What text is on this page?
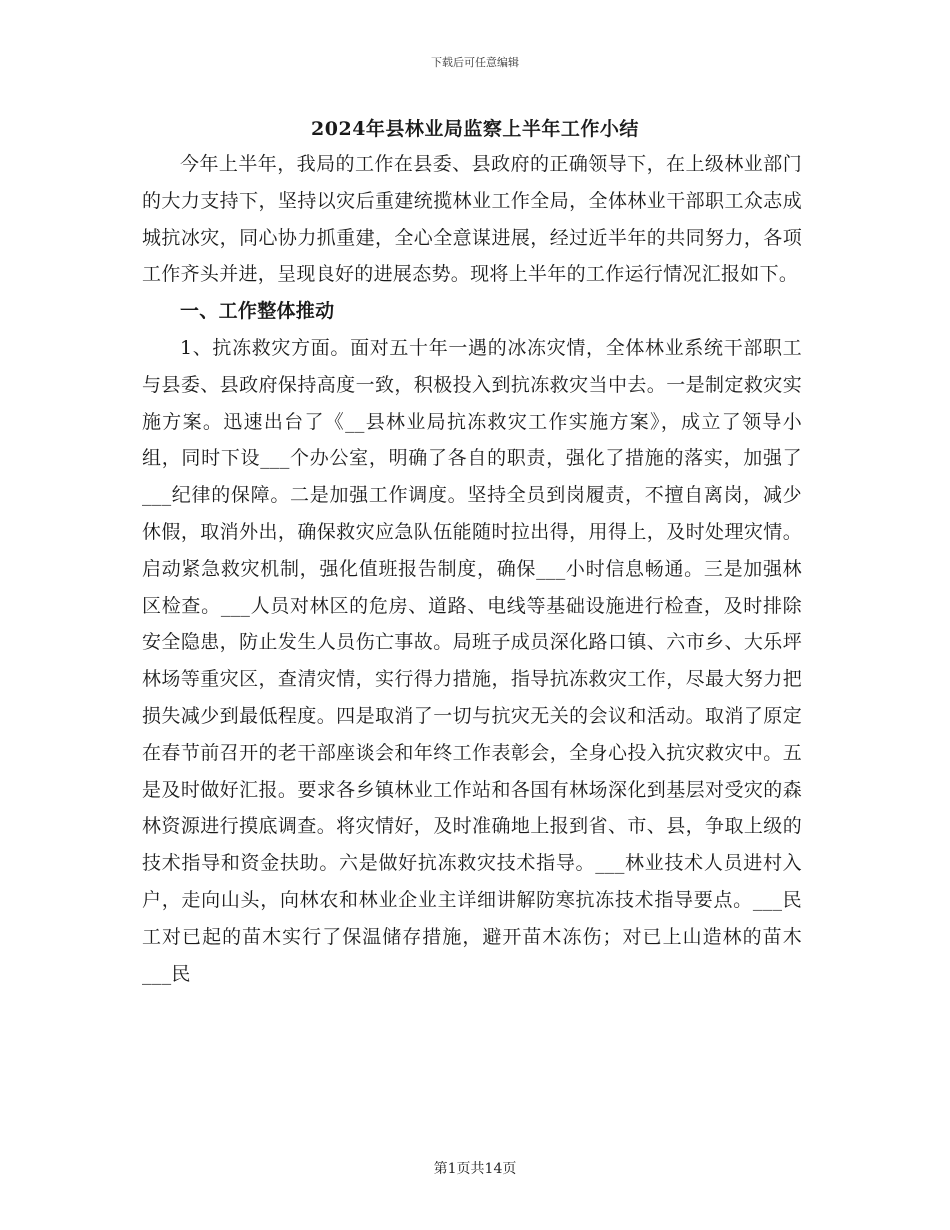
下载后可任意编辑
2024年县林业局监察上半年工作小结

今年上半年，我局的工作在县委、县政府的正确领导下，在上级林业部门的大力支持下，坚持以灾后重建统揽林业工作全局，全体林业干部职工众志成城抗冰灾，同心协力抓重建，全心全意谋进展，经过近半年的共同努力，各项工作齐头并进，呈现良好的进展态势。现将上半年的工作运行情况汇报如下。

一、工作整体推动

1、抗冻救灾方面。面对五十年一遇的冰冻灾情，全体林业系统干部职工与县委、县政府保持高度一致，积极投入到抗冻救灾当中去。一是制定救灾实施方案。迅速出台了《__县林业局抗冻救灾工作实施方案》，成立了领导小组，同时下设___个办公室，明确了各自的职责，强化了措施的落实，加强了___纪律的保障。二是加强工作调度。坚持全员到岗履责，不擅自离岗，减少休假，取消外出，确保救灾应急队伍能随时拉出得，用得上，及时处理灾情。启动紧急救灾机制，强化值班报告制度，确保___小时信息畅通。三是加强林区检查。___人员对林区的危房、道路、电线等基础设施进行检查，及时排除安全隐患，防止发生人员伤亡事故。局班子成员深化路口镇、六市乡、大乐坪林场等重灾区，查清灾情，实行得力措施，指导抗冻救灾工作，尽最大努力把损失减少到最低程度。四是取消了一切与抗灾无关的会议和活动。取消了原定在春节前召开的老干部座谈会和年终工作表彰会，全身心投入抗灾救灾中。五是及时做好汇报。要求各乡镇林业工作站和各国有林场深化到基层对受灾的森林资源进行摸底调查。将灾情好，及时准确地上报到省、市、县，争取上级的技术指导和资金扶助。六是做好抗冻救灾技术指导。___林业技术人员进村入户，走向山头，向林农和林业企业主详细讲解防寒抗冻技术指导要点。___民工对已起的苗木实行了保温储存措施，避开苗木冻伤；对已上山造林的苗木___民

第1页共14页
